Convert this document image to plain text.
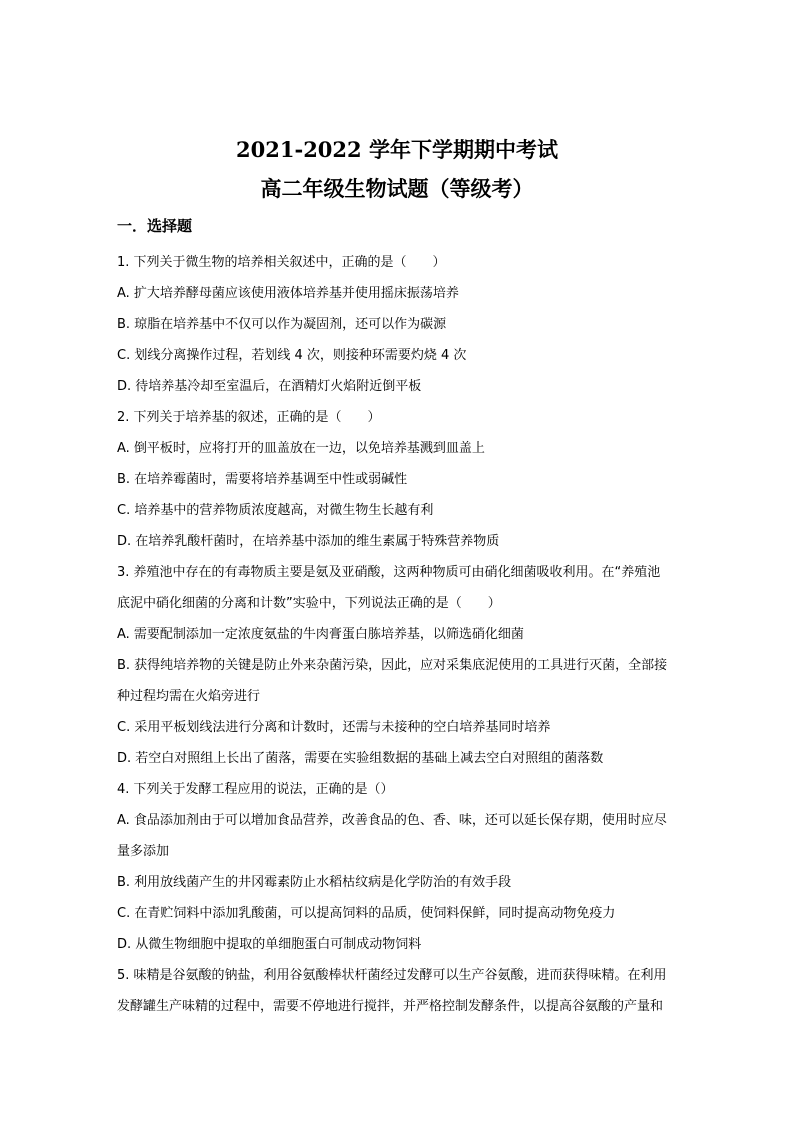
2021-2022 学年下学期期中考试
高二年级生物试题（等级考）
一．选择题
1. 下列关于微生物的培养相关叙述中，正确的是（　　）
A. 扩大培养酵母菌应该使用液体培养基并使用摇床振荡培养
B. 琼脂在培养基中不仅可以作为凝固剂，还可以作为碳源
C. 划线分离操作过程，若划线 4 次，则接种环需要灼烧 4 次
D. 待培养基冷却至室温后，在酒精灯火焰附近倒平板
2. 下列关于培养基的叙述，正确的是（　　）
A. 倒平板时，应将打开的皿盖放在一边，以免培养基溅到皿盖上
B. 在培养霉菌时，需要将培养基调至中性或弱碱性
C. 培养基中的营养物质浓度越高，对微生物生长越有利
D. 在培养乳酸杆菌时，在培养基中添加的维生素属于特殊营养物质
3. 养殖池中存在的有毒物质主要是氨及亚硝酸，这两种物质可由硝化细菌吸收利用。在“养殖池
底泥中硝化细菌的分离和计数”实验中，下列说法正确的是（　　）
A. 需要配制添加一定浓度氨盐的牛肉膏蛋白胨培养基，以筛选硝化细菌
B. 获得纯培养物的关键是防止外来杂菌污染，因此，应对采集底泥使用的工具进行灭菌，全部接
种过程均需在火焰旁进行
C. 采用平板划线法进行分离和计数时，还需与未接种的空白培养基同时培养
D. 若空白对照组上长出了菌落，需要在实验组数据的基础上减去空白对照组的菌落数
4. 下列关于发酵工程应用的说法，正确的是（）
A. 食品添加剂由于可以增加食品营养，改善食品的色、香、味，还可以延长保存期，使用时应尽
量多添加
B. 利用放线菌产生的井冈霉素防止水稻枯纹病是化学防治的有效手段
C. 在青贮饲料中添加乳酸菌，可以提高饲料的品质，使饲料保鲜，同时提高动物免疫力
D. 从微生物细胞中提取的单细胞蛋白可制成动物饲料
5. 味精是谷氨酸的钠盐，利用谷氨酸棒状杆菌经过发酵可以生产谷氨酸，进而获得味精。在利用
发酵罐生产味精的过程中，需要不停地进行搅拌，并严格控制发酵条件，以提高谷氨酸的产量和
